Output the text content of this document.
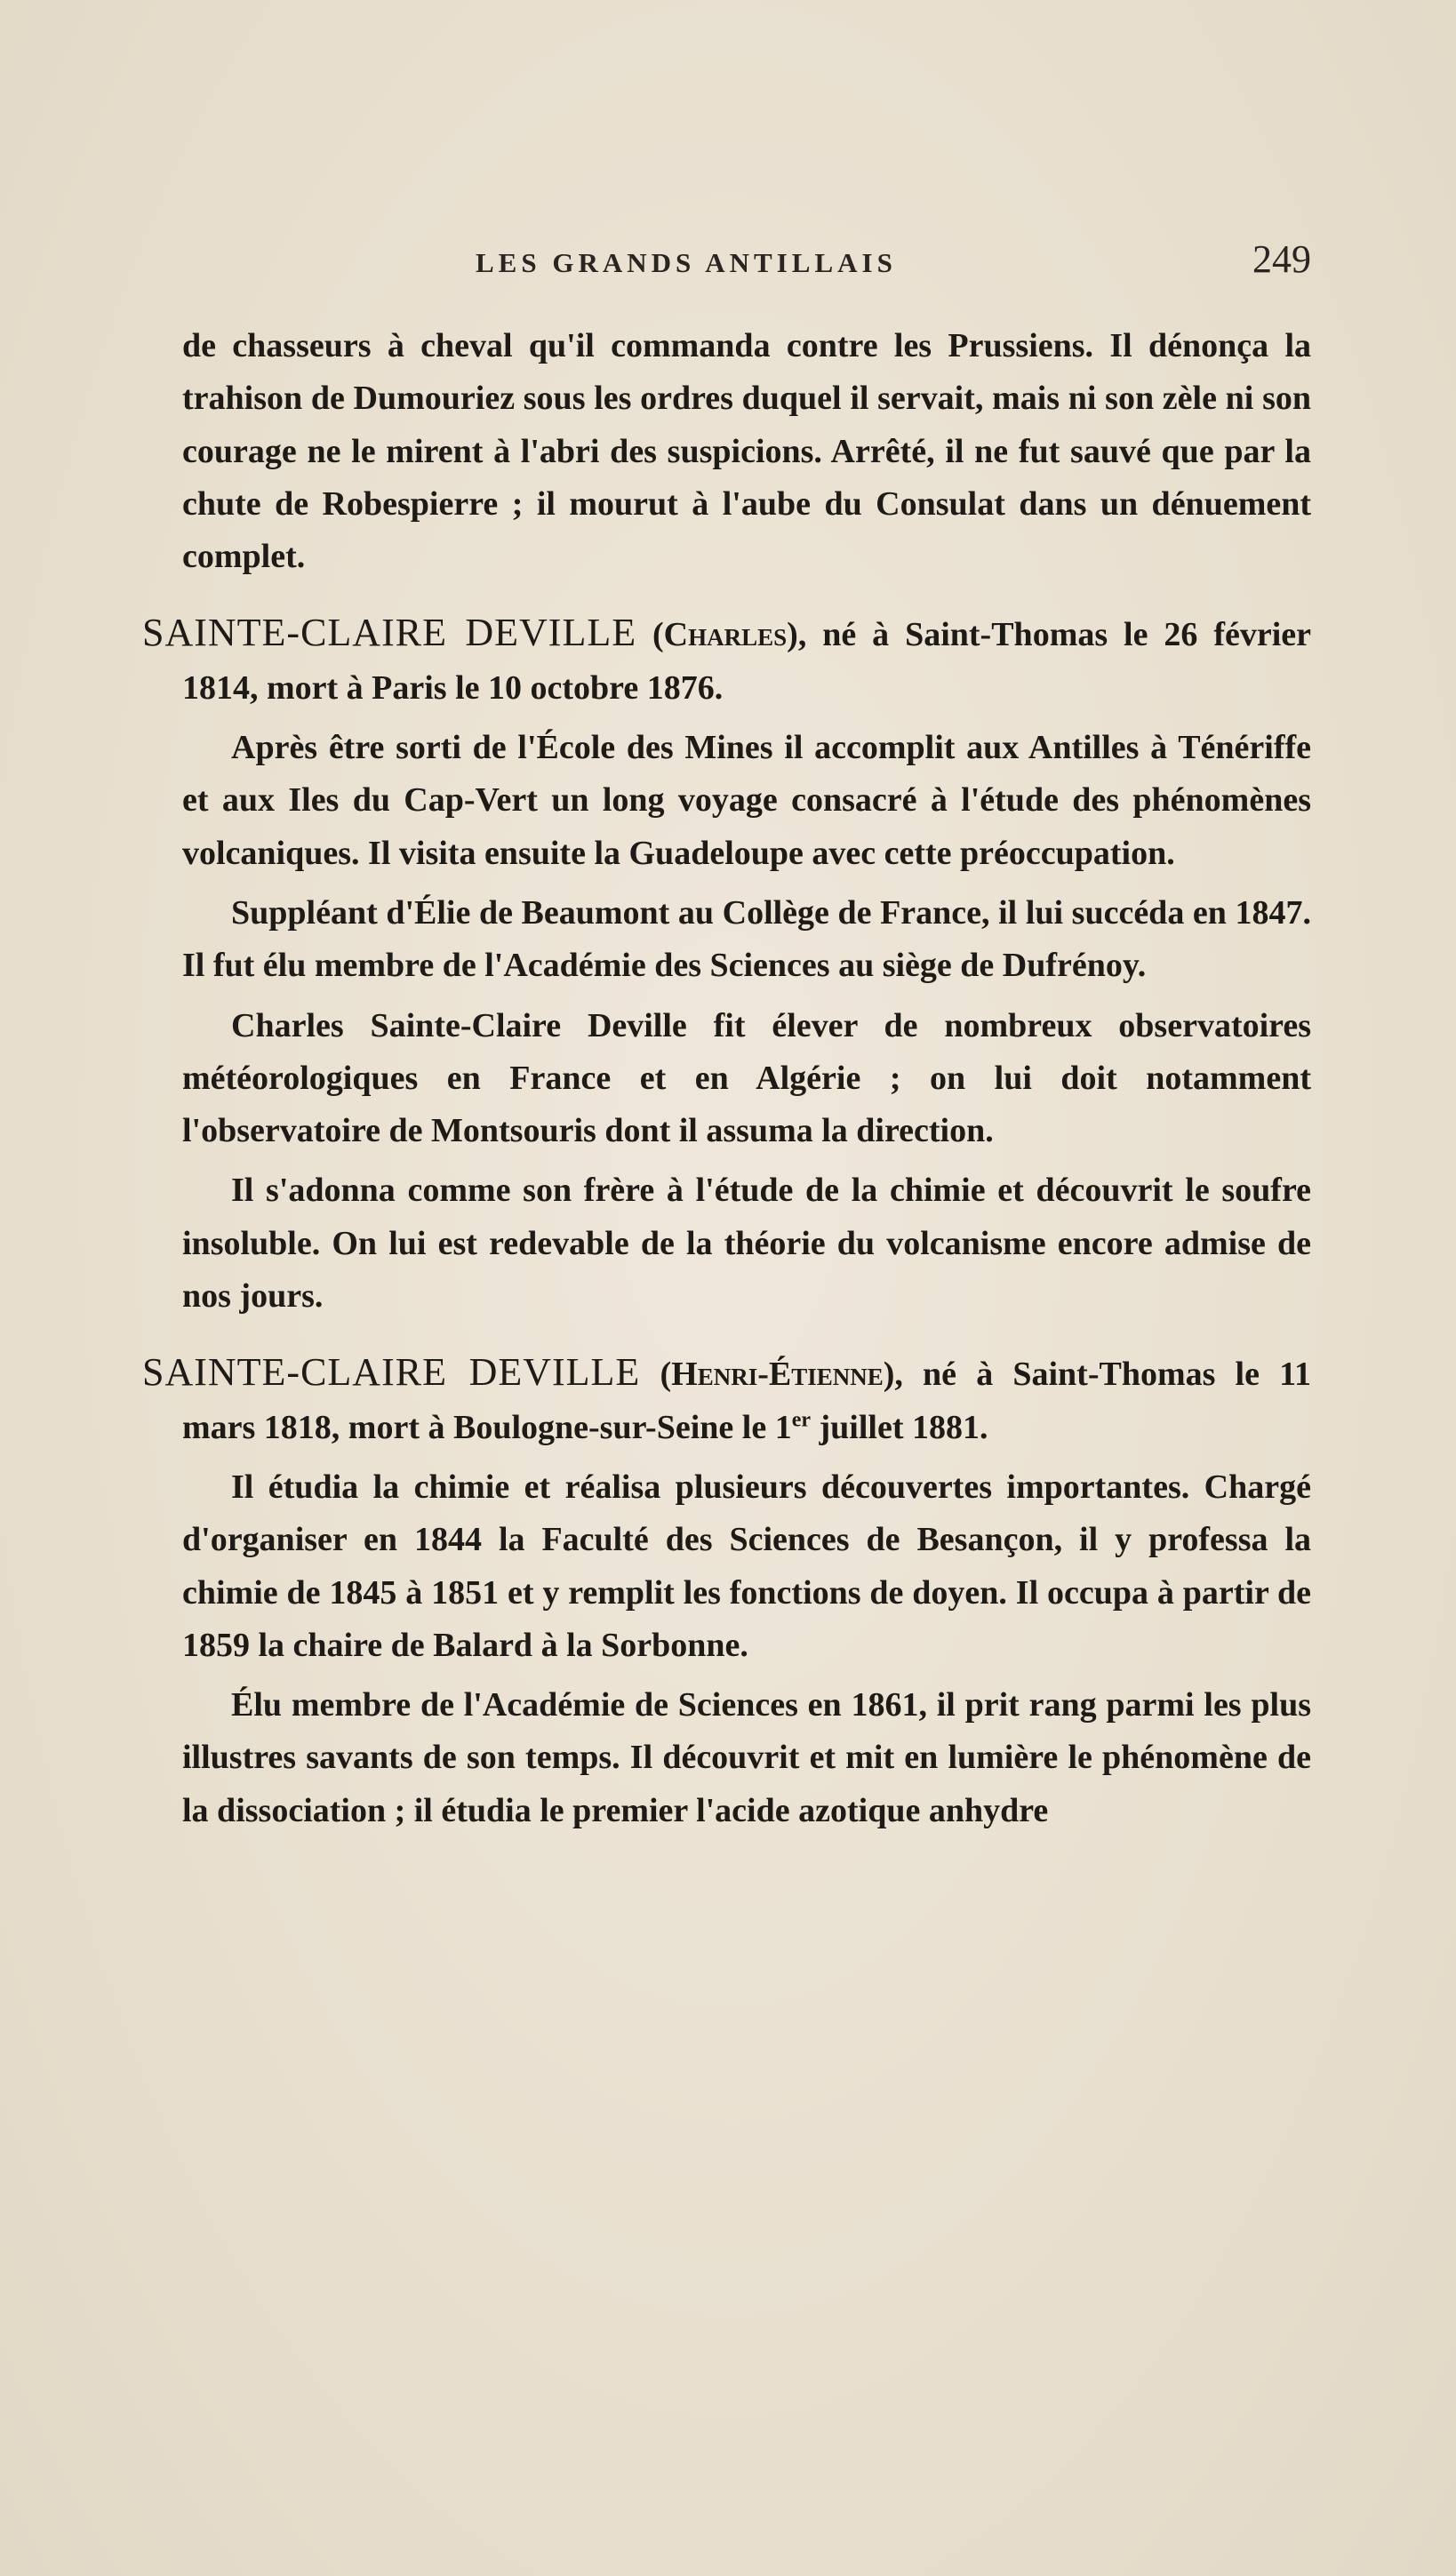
LES GRANDS ANTILLAIS	249

de chasseurs à cheval qu'il commanda contre les Prussiens. Il dénonça la trahison de Dumouriez sous les ordres duquel il servait, mais ni son zèle ni son courage ne le mirent à l'abri des suspicions. Arrêté, il ne fut sauvé que par la chute de Robespierre ; il mourut à l'aube du Consulat dans un dénuement complet.

SAINTE-CLAIRE DEVILLE (Charles), né à Saint-Thomas le 26 février 1814, mort à Paris le 10 octobre 1876.

Après être sorti de l'École des Mines il accomplit aux Antilles à Ténériffe et aux Iles du Cap-Vert un long voyage consacré à l'étude des phénomènes volcaniques. Il visita ensuite la Guadeloupe avec cette préoccupation.

Suppléant d'Élie de Beaumont au Collège de France, il lui succéda en 1847. Il fut élu membre de l'Académie des Sciences au siège de Dufrénoy.

Charles Sainte-Claire Deville fit élever de nombreux observatoires météorologiques en France et en Algérie ; on lui doit notamment l'observatoire de Montsouris dont il assuma la direction.

Il s'adonna comme son frère à l'étude de la chimie et découvrit le soufre insoluble. On lui est redevable de la théorie du volcanisme encore admise de nos jours.

SAINTE-CLAIRE DEVILLE (Henri-Étienne), né à Saint-Thomas le 11 mars 1818, mort à Boulogne-sur-Seine le 1er juillet 1881.

Il étudia la chimie et réalisa plusieurs découvertes importantes. Chargé d'organiser en 1844 la Faculté des Sciences de Besançon, il y professa la chimie de 1845 à 1851 et y remplit les fonctions de doyen. Il occupa à partir de 1859 la chaire de Balard à la Sorbonne.

Élu membre de l'Académie de Sciences en 1861, il prit rang parmi les plus illustres savants de son temps. Il découvrit et mit en lumière le phénomène de la dissociation ; il étudia le premier l'acide azotique anhydre
